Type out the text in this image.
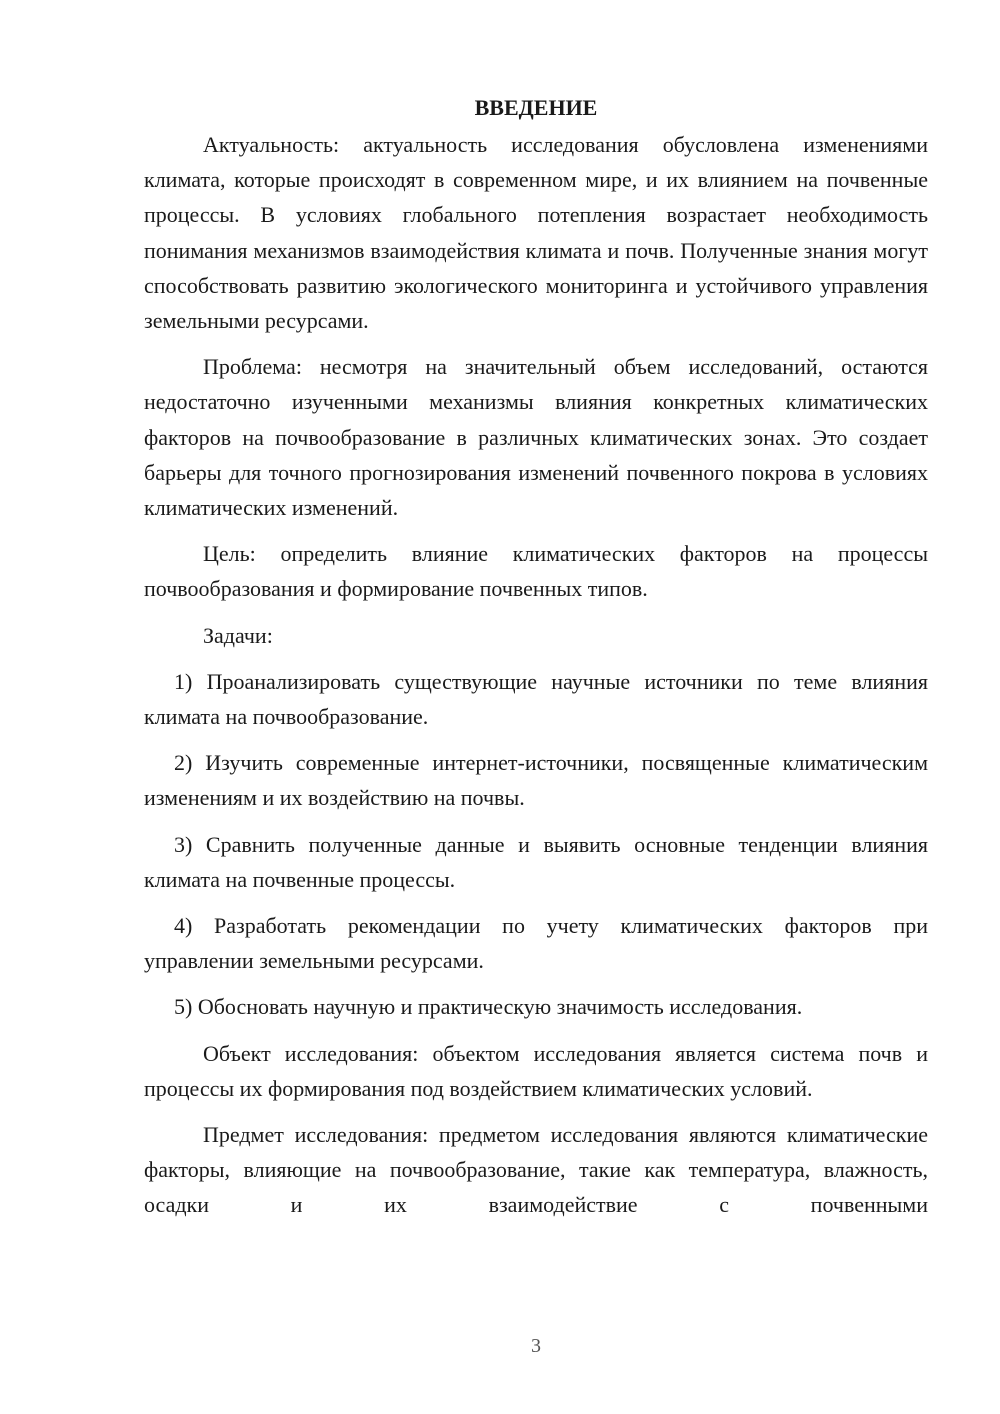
ВВЕДЕНИЕ

Актуальность: актуальность исследования обусловлена изменениями климата, которые происходят в современном мире, и их влиянием на почвенные процессы. В условиях глобального потепления возрастает необходимость понимания механизмов взаимодействия климата и почв. Полученные знания могут способствовать развитию экологического мониторинга и устойчивого управления земельными ресурсами.

Проблема: несмотря на значительный объем исследований, остаются недостаточно изученными механизмы влияния конкретных климатических факторов на почвообразование в различных климатических зонах. Это создает барьеры для точного прогнозирования изменений почвенного покрова в условиях климатических изменений.

Цель: определить влияние климатических факторов на процессы почвообразования и формирование почвенных типов.

Задачи:

1) Проанализировать существующие научные источники по теме влияния климата на почвообразование.

2) Изучить современные интернет-источники, посвященные климатическим изменениям и их воздействию на почвы.

3) Сравнить полученные данные и выявить основные тенденции влияния климата на почвенные процессы.

4) Разработать рекомендации по учету климатических факторов при управлении земельными ресурсами.

5) Обосновать научную и практическую значимость исследования.

Объект исследования: объектом исследования является система почв и процессы их формирования под воздействием климатических условий.

Предмет исследования: предметом исследования являются климатические факторы, влияющие на почвообразование, такие как температура, влажность, осадки и их взаимодействие с почвенными

3
